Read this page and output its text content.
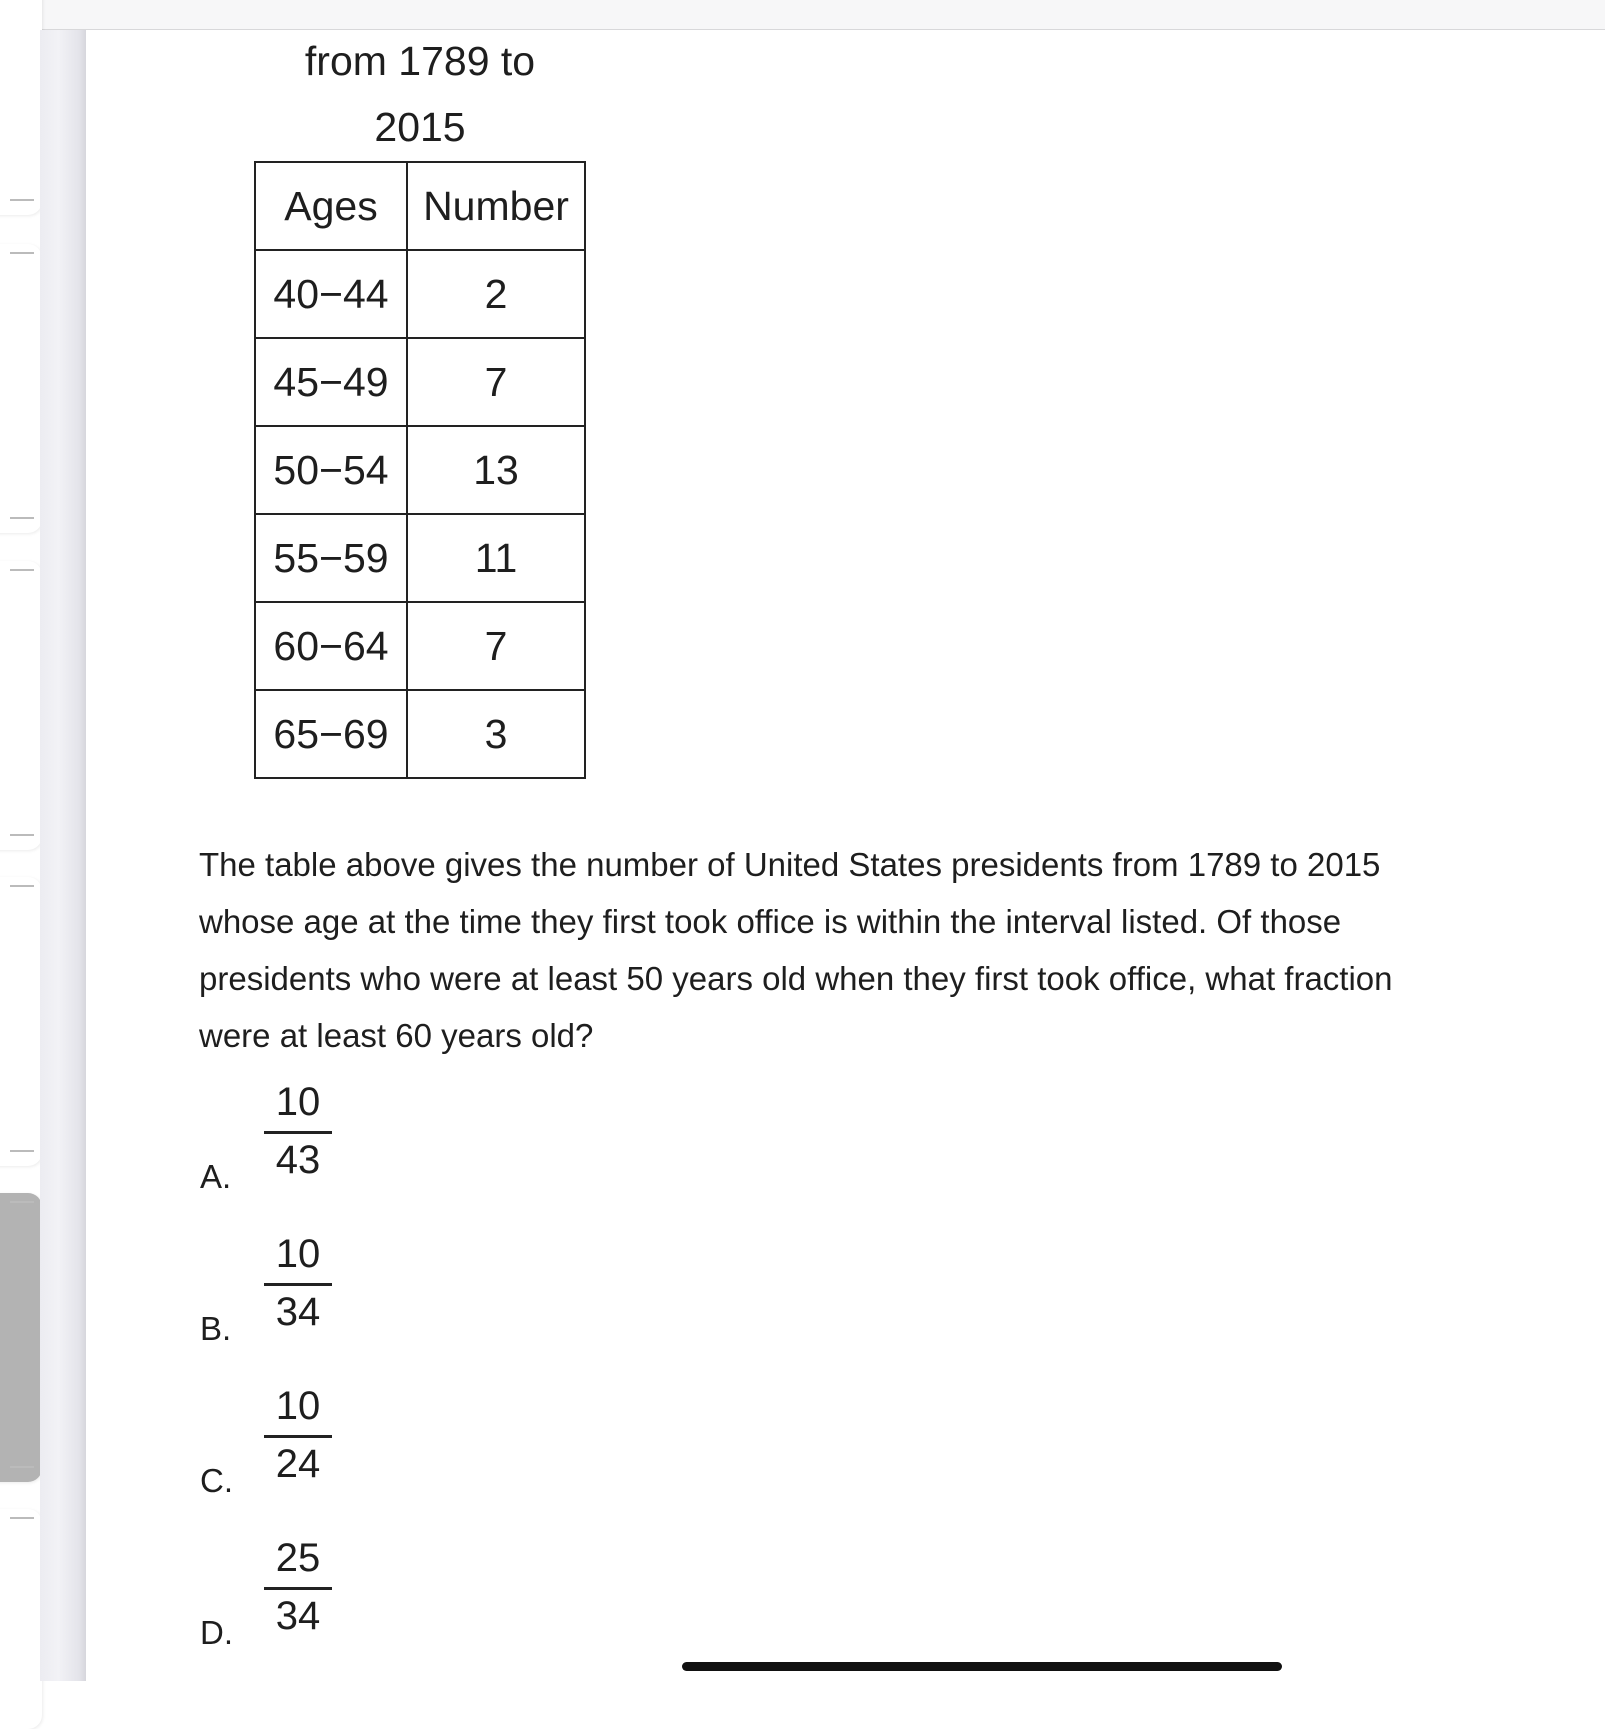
from 1789 to
2015
Ages	Number
40−44	2
45−49	7
50−54	13
55−59	11
60−64	7
65−69	3
The table above gives the number of United States presidents from 1789 to 2015 whose age at the time they first took office is within the interval listed. Of those presidents who were at least 50 years old when they first took office, what fraction were at least 60 years old?
A. $\frac{10}{43}$
B. $\frac{10}{34}$
C. $\frac{10}{24}$
D. $\frac{25}{34}$
